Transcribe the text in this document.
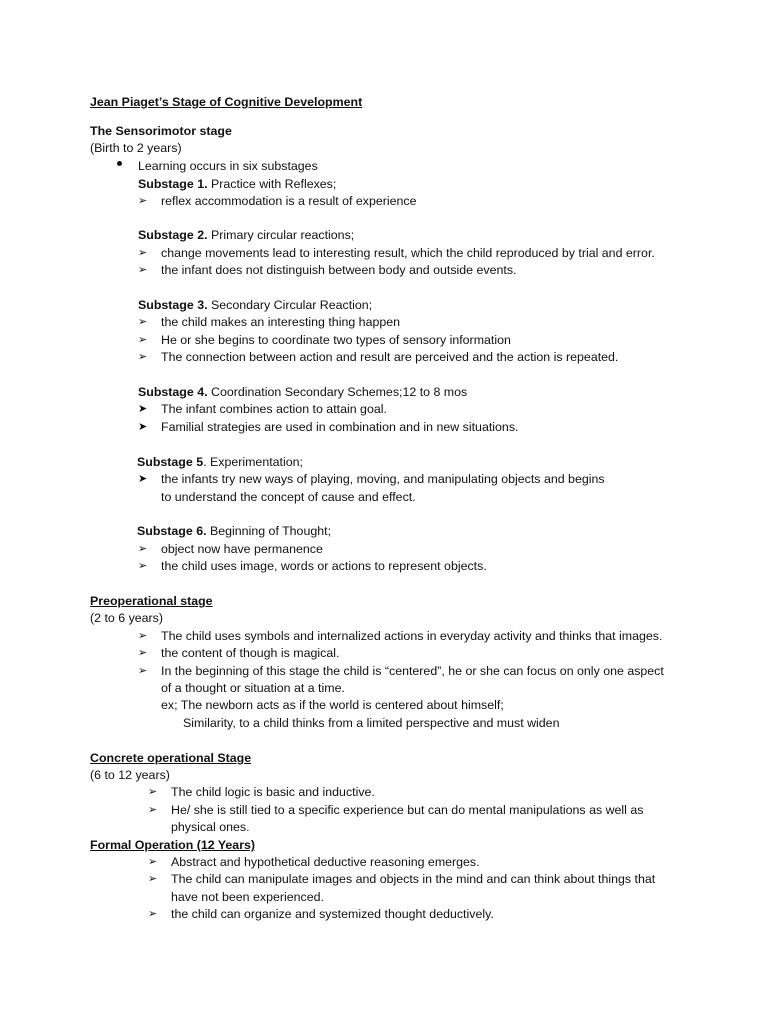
Jean Piaget’s Stage of Cognitive Development
The Sensorimotor stage
(Birth to 2 years)
Learning occurs in six substages
Substage 1. Practice with Reflexes;
➢ reflex accommodation is a result of experience
Substage 2. Primary circular reactions;
➢ change movements lead to interesting result, which the child reproduced by trial and error.
➢ the infant does not distinguish between body and outside events.
Substage 3. Secondary Circular Reaction;
➢ the child makes an interesting thing happen
➢ He or she begins to coordinate two types of sensory information
➢ The connection between action and result are perceived and the action is repeated.
Substage 4. Coordination Secondary Schemes;12 to 8 mos
➤ The infant combines action to attain goal.
➤ Familial strategies are used in combination and in new situations.
Substage 5. Experimentation;
➤ the infants try new ways of playing, moving, and manipulating objects and begins
to understand the concept of cause and effect.
Substage 6. Beginning of Thought;
➢ object now have permanence
➢ the child uses image, words or actions to represent objects.
Preoperational stage
(2 to 6 years)
➢ The child uses symbols and internalized actions in everyday activity and thinks that images.
➢ the content of though is magical.
➢ In the beginning of this stage the child is “centered”, he or she can focus on only one aspect
of a thought or situation at a time.
ex; The newborn acts as if the world is centered about himself;
Similarity, to a child thinks from a limited perspective and must widen
Concrete operational Stage
(6 to 12 years)
➢ The child logic is basic and inductive.
➢ He/ she is still tied to a specific experience but can do mental manipulations as well as
physical ones.
Formal Operation (12 Years)
➢ Abstract and hypothetical deductive reasoning emerges.
➢ The child can manipulate images and objects in the mind and can think about things that
have not been experienced.
➢ the child can organize and systemized thought deductively.
